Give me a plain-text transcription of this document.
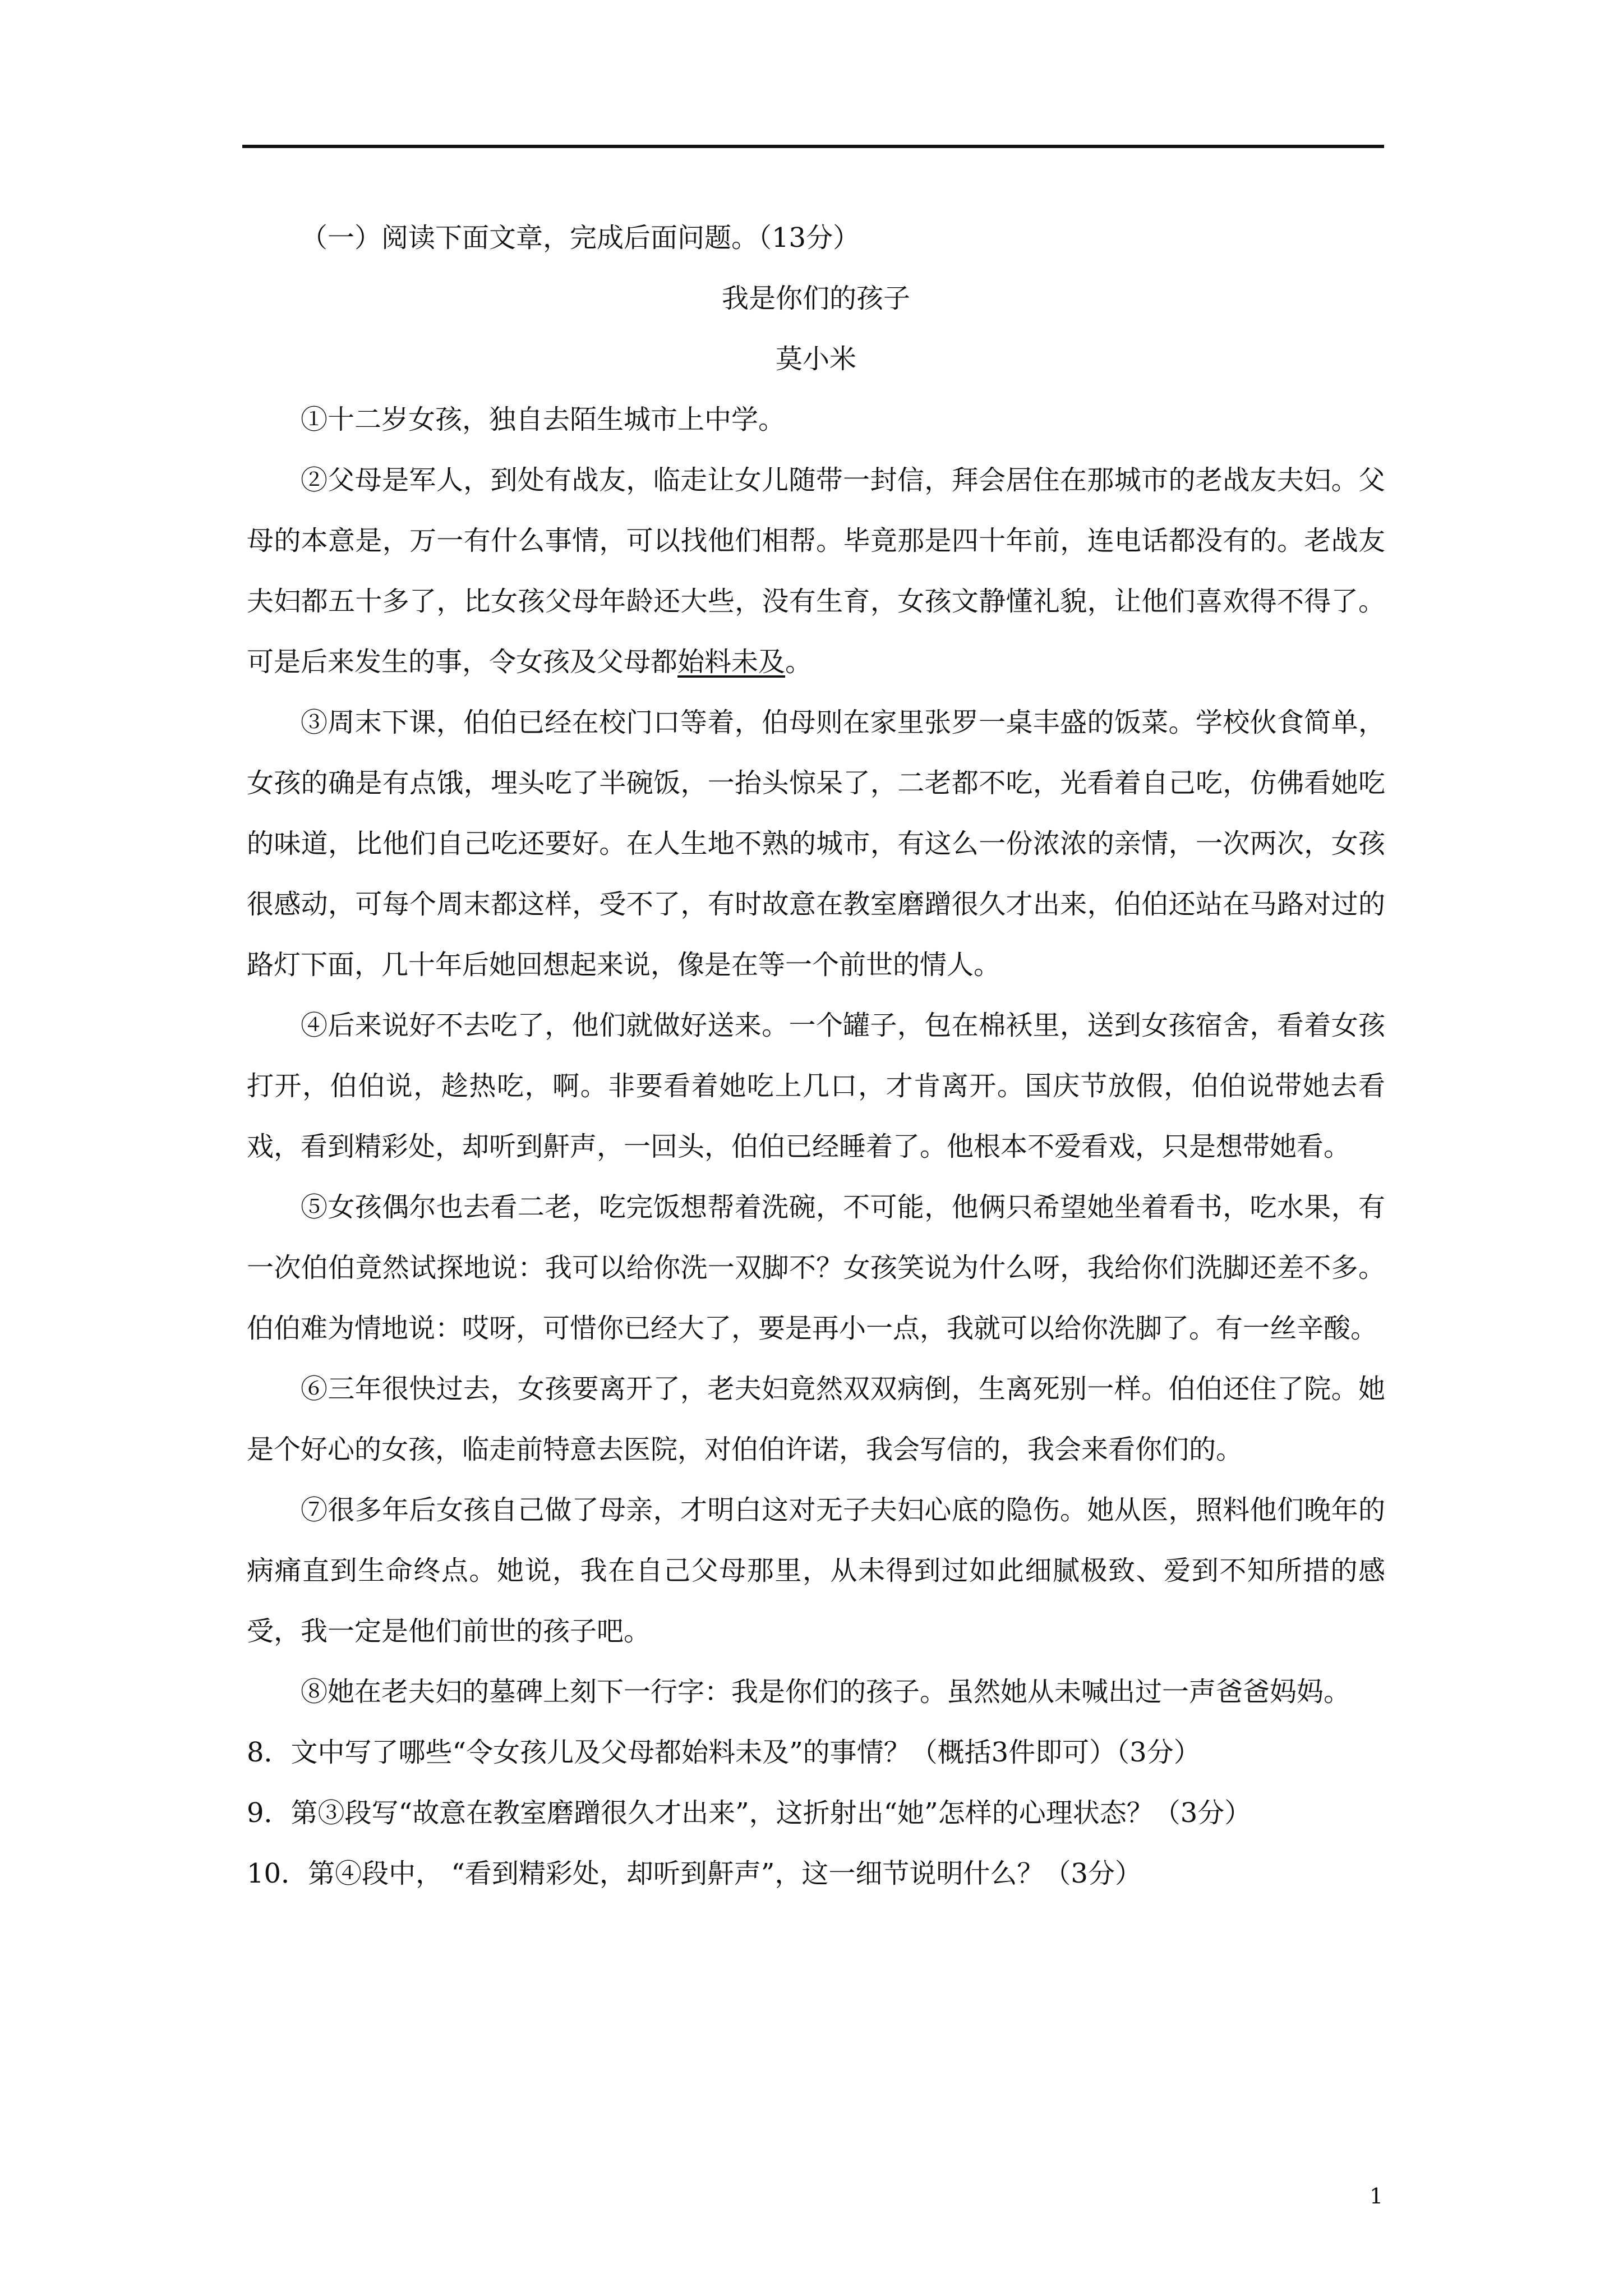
（一）阅读下面文章，完成后面问题。（13分）

我是你们的孩子

莫小米

①十二岁女孩，独自去陌生城市上中学。

②父母是军人，到处有战友，临走让女儿随带一封信，拜会居住在那城市的老战友夫妇。父母的本意是，万一有什么事情，可以找他们相帮。毕竟那是四十年前，连电话都没有的。老战友夫妇都五十多了，比女孩父母年龄还大些，没有生育，女孩文静懂礼貌，让他们喜欢得不得了。可是后来发生的事，令女孩及父母都始料未及。

③周末下课，伯伯已经在校门口等着，伯母则在家里张罗一桌丰盛的饭菜。学校伙食简单，女孩的确是有点饿，埋头吃了半碗饭，一抬头惊呆了，二老都不吃，光看着自己吃，仿佛看她吃的味道，比他们自己吃还要好。在人生地不熟的城市，有这么一份浓浓的亲情，一次两次，女孩很感动，可每个周末都这样，受不了，有时故意在教室磨蹭很久才出来，伯伯还站在马路对过的路灯下面，几十年后她回想起来说，像是在等一个前世的情人。

④后来说好不去吃了，他们就做好送来。一个罐子，包在棉袄里，送到女孩宿舍，看着女孩打开，伯伯说，趁热吃，啊。非要看着她吃上几口，才肯离开。国庆节放假，伯伯说带她去看戏，看到精彩处，却听到鼾声，一回头，伯伯已经睡着了。他根本不爱看戏，只是想带她看。

⑤女孩偶尔也去看二老，吃完饭想帮着洗碗，不可能，他俩只希望她坐着看书，吃水果，有一次伯伯竟然试探地说：我可以给你洗一双脚不？女孩笑说为什么呀，我给你们洗脚还差不多。伯伯难为情地说：哎呀，可惜你已经大了，要是再小一点，我就可以给你洗脚了。有一丝辛酸。

⑥三年很快过去，女孩要离开了，老夫妇竟然双双病倒，生离死别一样。伯伯还住了院。她是个好心的女孩，临走前特意去医院，对伯伯许诺，我会写信的，我会来看你们的。

⑦很多年后女孩自己做了母亲，才明白这对无子夫妇心底的隐伤。她从医，照料他们晚年的病痛直到生命终点。她说，我在自己父母那里，从未得到过如此细腻极致、爱到不知所措的感受，我一定是他们前世的孩子吧。

⑧她在老夫妇的墓碑上刻下一行字：我是你们的孩子。虽然她从未喊出过一声爸爸妈妈。

8．文中写了哪些“令女孩儿及父母都始料未及”的事情？（概括3件即可）（3分）

9．第③段写“故意在教室磨蹭很久才出来”，这折射出“她”怎样的心理状态？（3分）

10．第④段中， “看到精彩处，却听到鼾声”，这一细节说明什么？（3分）

1
